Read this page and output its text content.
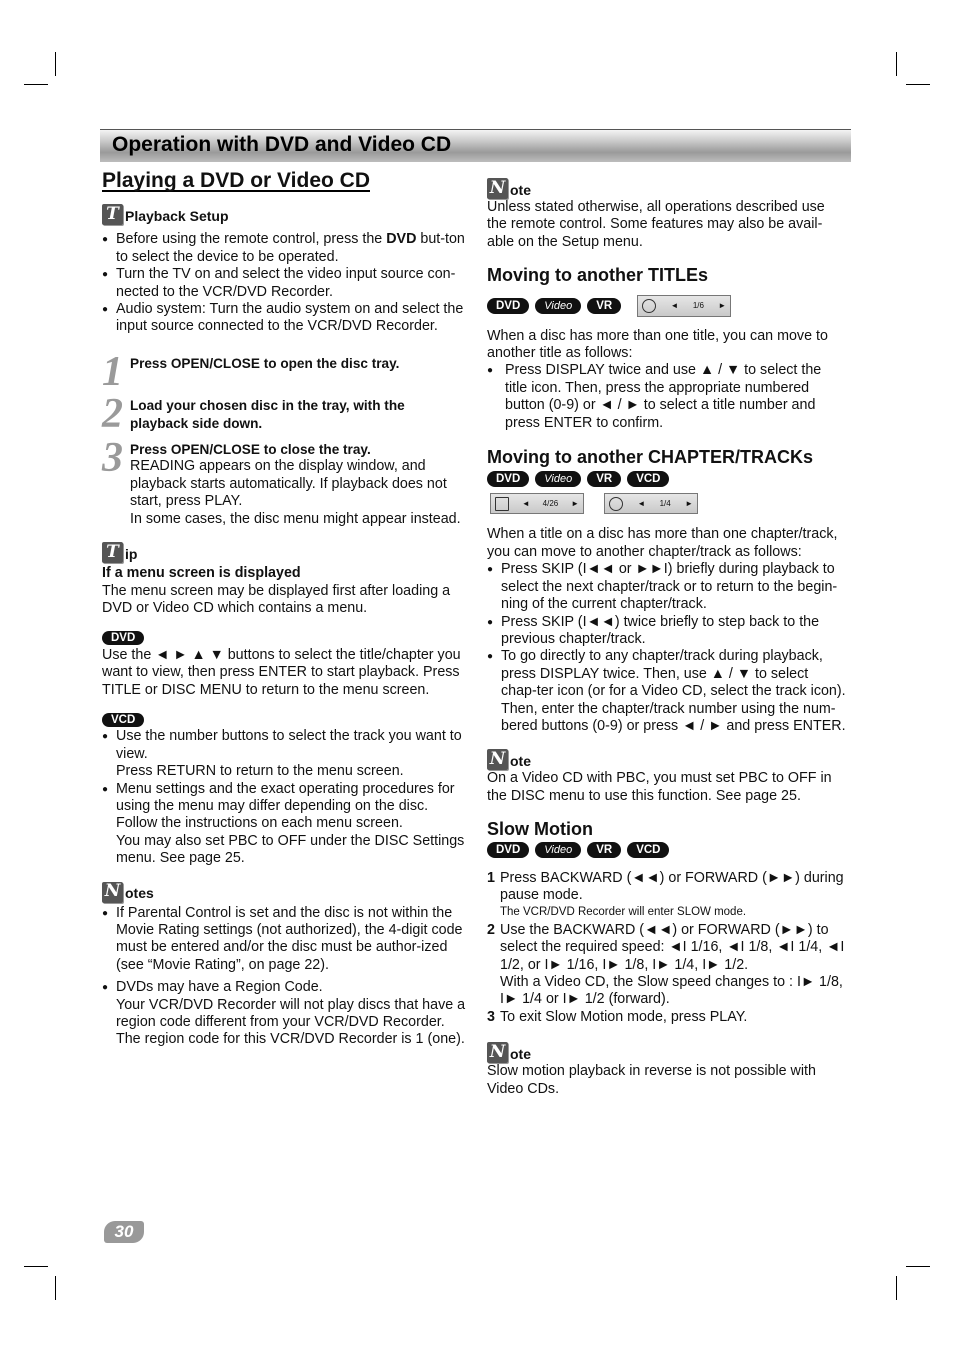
Operation with DVD and Video CD
Playing a DVD or Video CD
T Playback Setup

● Before using the remote control, press the DVD but-ton to select the device to be operated.

● Turn the TV on and select the video input source con-nected to the VCR/DVD Recorder.

● Audio system: Turn the audio system on and select the input source connected to the VCR/DVD Recorder.

1 Press OPEN/CLOSE to open the disc tray.
2 Load your chosen disc in the tray, with the playback side down.
3 Press OPEN/CLOSE to close the tray.
READING appears on the display window, and playback starts automatically. If playback does not start, press PLAY.
In some cases, the disc menu might appear instead.
T ip
If a menu screen is displayed

The menu screen may be displayed first after loading a DVD or Video CD which contains a menu.

DVD

Use the ◄ ► ▲ ▼ buttons to select the title/chapter you want to view, then press ENTER to start playback. Press TITLE or DISC MENU to return to the menu screen.

VCD
● Use the number buttons to select the track you want to view.
Press RETURN to return to the menu screen.
● Menu settings and the exact operating procedures for using the menu may differ depending on the disc. Follow the instructions on each menu screen.
You may also set PBC to OFF under the DISC Settings menu. See page 25.
N otes
● If Parental Control is set and the disc is not within the Movie Rating settings (not authorized), the 4-digit code must be entered and/or the disc must be author-ized (see “Movie Rating”, on page 22).
● DVDs may have a Region Code.
Your VCR/DVD Recorder will not play discs that have a region code different from your VCR/DVD Recorder. The region code for this VCR/DVD Recorder is 1 (one).
N ote

Unless stated otherwise, all operations described use the remote control. Some features may also be avail-able on the Setup menu.

Moving to another TITLEs
DVD	Video	VR	◄ 1/6 ►

When a disc has more than one title, you can move to another title as follows:

● Press DISPLAY twice and use ▲ / ▼ to select the title icon. Then, press the appropriate numbered button (0-9) or ◄ / ► to select a title number and press ENTER to confirm.

Moving to another CHAPTER/TRACKs
DVD	Video	VR	VCD
◄ 4/26 ►	◄ 1/4 ►

When a title on a disc has more than one chapter/track, you can move to another chapter/track as follows:

● Press SKIP (I◄◄ or ►►I) briefly during playback to select the next chapter/track or to return to the begin-ning of the current chapter/track.

● Press SKIP (I◄◄) twice briefly to step back to the previous chapter/track.

● To go directly to any chapter/track during playback, press DISPLAY twice. Then, use ▲ / ▼ to select chap-ter icon (or for a Video CD, select the track icon). Then, enter the chapter/track number using the num-bered buttons (0-9) or press ◄ / ► and press ENTER.

N ote

On a Video CD with PBC, you must set PBC to OFF in the DISC menu to use this function. See page 25.

Slow Motion
DVD	Video	VR	VCD
1 Press BACKWARD (◄◄) or FORWARD (►►) during pause mode.
The VCR/DVD Recorder will enter SLOW mode.
2 Use the BACKWARD (◄◄) or FORWARD (►►) to select the required speed: ◄I 1/16, ◄I 1/8, ◄I 1/4, ◄I 1/2, or I► 1/16, I► 1/8, I► 1/4, I► 1/2.
With a Video CD, the Slow speed changes to : I► 1/8, I► 1/4 or I► 1/2 (forward).
3 To exit Slow Motion mode, press PLAY.
N ote

Slow motion playback in reverse is not possible with Video CDs.

30
